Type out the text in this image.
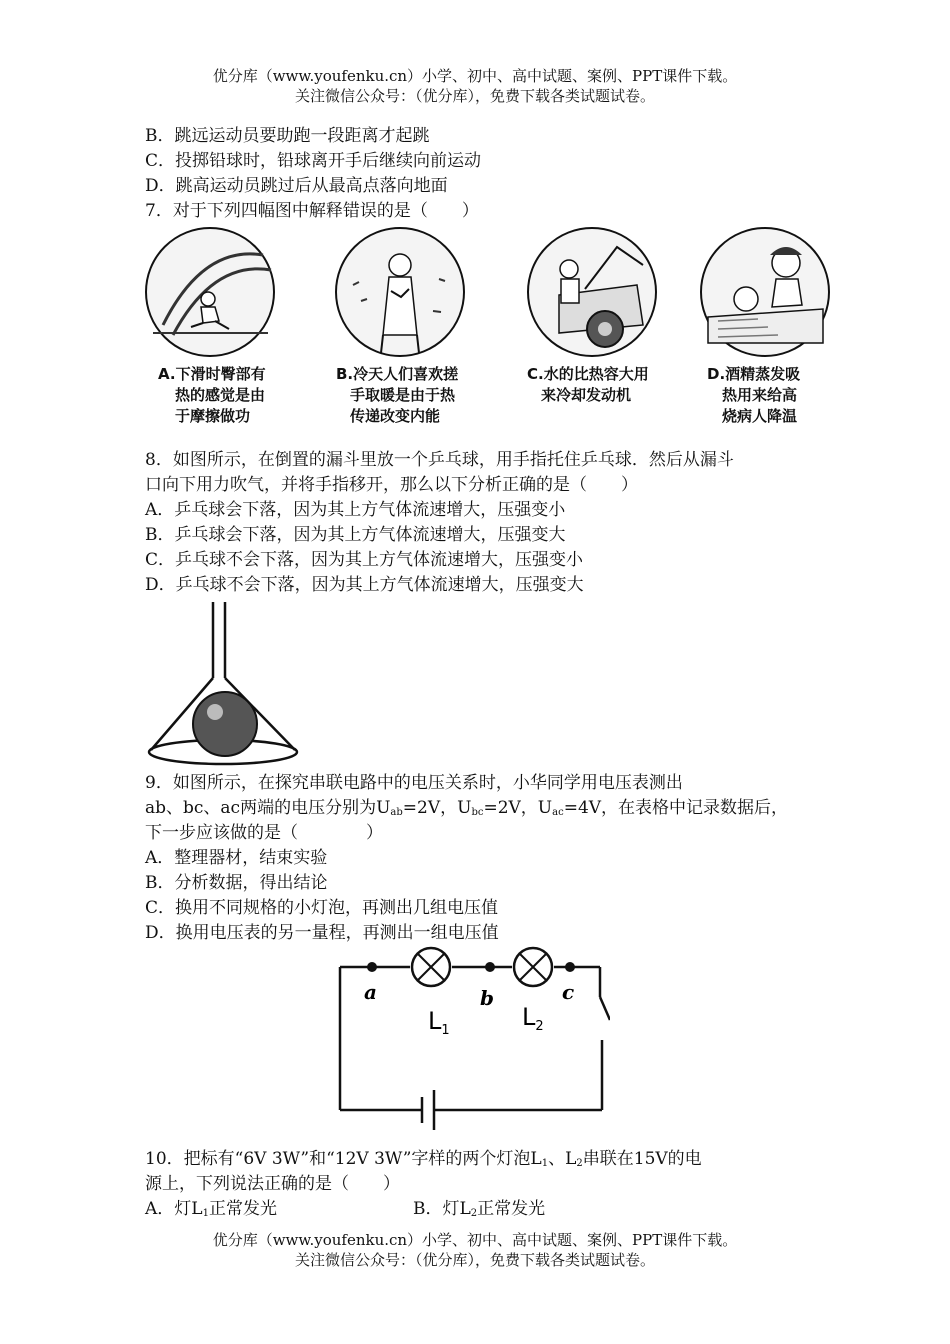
优分库（www.youfenku.cn）小学、初中、高中试题、案例、PPT课件下载。
关注微信公众号：（优分库），免费下载各类试题试卷。
B．跳远运动员要助跑一段距离才起跳
C．投掷铅球时，铅球离开手后继续向前运动
D．跳高运动员跳过后从最高点落向地面
7．对于下列四幅图中解释错误的是（　　）
A.下滑时臀部有
热的感觉是由
于摩擦做功
B.冷天人们喜欢搓
手取暖是由于热
传递改变内能
C.水的比热容大用
来冷却发动机
D.酒精蒸发吸
热用来给高
烧病人降温
8．如图所示，在倒置的漏斗里放一个乒乓球，用手指托住乒乓球．然后从漏斗
口向下用力吹气，并将手指移开，那么以下分析正确的是（　　）
A．乒乓球会下落，因为其上方气体流速增大，压强变小
B．乒乓球会下落，因为其上方气体流速增大，压强变大
C．乒乓球不会下落，因为其上方气体流速增大，压强变小
D．乒乓球不会下落，因为其上方气体流速增大，压强变大
9．如图所示，在探究串联电路中的电压关系时，小华同学用电压表测出
ab、bc、ac两端的电压分别为$U_{ab}=2V$，$U_{bc}=2V$，$U_{ac}=4V$，在表格中记录数据后，
下一步应该做的是（　　　　）
A．整理器材，结束实验
B．分析数据，得出结论
C．换用不同规格的小灯泡，再测出几组电压值
D．换用电压表的另一量程，再测出一组电压值
a	b	c
$L_1$	$L_2$
10．把标有“6V 3W”和“12V 3W”字样的两个灯泡$L_1$、$L_2$串联在15V的电
源上，下列说法正确的是（　　）
A．灯$L_1$正常发光	B．灯$L_2$正常发光
优分库（www.youfenku.cn）小学、初中、高中试题、案例、PPT课件下载。
关注微信公众号：（优分库），免费下载各类试题试卷。
